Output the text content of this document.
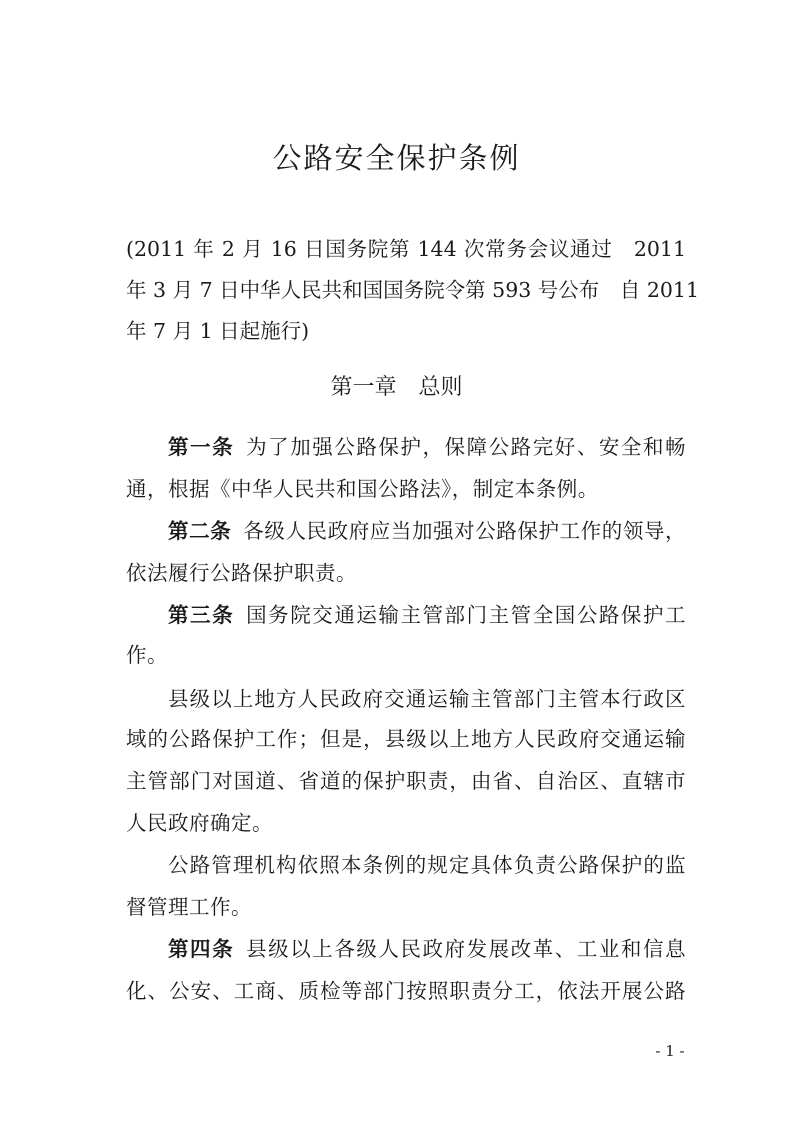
公路安全保护条例
(2011 年 2 月 16 日国务院第 144 次常务会议通过　2011
年 3 月 7 日中华人民共和国国务院令第 593 号公布　自 2011
年 7 月 1 日起施行)
第一章　总则
第一条 为了加强公路保护，保障公路完好、安全和畅
通，根据《中华人民共和国公路法》，制定本条例。
第二条 各级人民政府应当加强对公路保护工作的领导，
依法履行公路保护职责。
第三条 国务院交通运输主管部门主管全国公路保护工
作。
县级以上地方人民政府交通运输主管部门主管本行政区
域的公路保护工作；但是，县级以上地方人民政府交通运输
主管部门对国道、省道的保护职责，由省、自治区、直辖市
人民政府确定。
公路管理机构依照本条例的规定具体负责公路保护的监
督管理工作。
第四条 县级以上各级人民政府发展改革、工业和信息
化、公安、工商、质检等部门按照职责分工，依法开展公路
- 1 -
